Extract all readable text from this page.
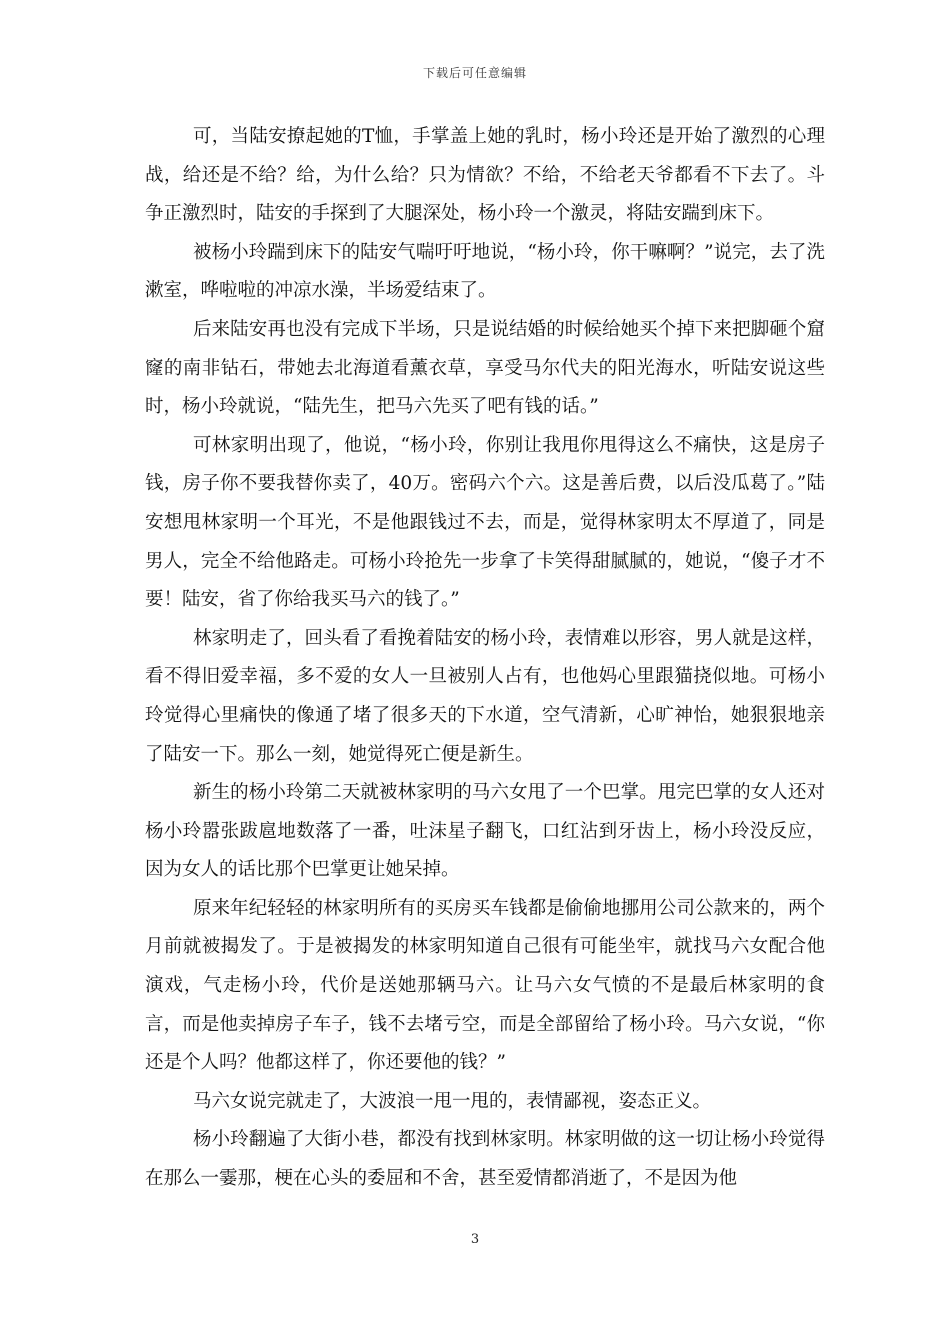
下载后可任意编辑

可，当陆安撩起她的T恤，手掌盖上她的乳时，杨小玲还是开始了激烈的心理战，给还是不给？给，为什么给？只为情欲？不给，不给老天爷都看不下去了。斗争正激烈时，陆安的手探到了大腿深处，杨小玲一个激灵，将陆安踹到床下。

被杨小玲踹到床下的陆安气喘吁吁地说，“杨小玲，你干嘛啊？”说完，去了洗漱室，哗啦啦的冲凉水澡，半场爱结束了。

后来陆安再也没有完成下半场，只是说结婚的时候给她买个掉下来把脚砸个窟窿的南非钻石，带她去北海道看薰衣草，享受马尔代夫的阳光海水，听陆安说这些时，杨小玲就说，“陆先生，把马六先买了吧有钱的话。”

可林家明出现了，他说，“杨小玲，你别让我甩你甩得这么不痛快，这是房子钱，房子你不要我替你卖了，40万。密码六个六。这是善后费，以后没瓜葛了。”陆安想甩林家明一个耳光，不是他跟钱过不去，而是，觉得林家明太不厚道了，同是男人，完全不给他路走。可杨小玲抢先一步拿了卡笑得甜腻腻的，她说，“傻子才不要！陆安，省了你给我买马六的钱了。”

林家明走了，回头看了看挽着陆安的杨小玲，表情难以形容，男人就是这样，看不得旧爱幸福，多不爱的女人一旦被别人占有，也他妈心里跟猫挠似地。可杨小玲觉得心里痛快的像通了堵了很多天的下水道，空气清新，心旷神怡，她狠狠地亲了陆安一下。那么一刻，她觉得死亡便是新生。

新生的杨小玲第二天就被林家明的马六女甩了一个巴掌。甩完巴掌的女人还对杨小玲嚣张跋扈地数落了一番，吐沫星子翻飞，口红沾到牙齿上，杨小玲没反应，因为女人的话比那个巴掌更让她呆掉。

原来年纪轻轻的林家明所有的买房买车钱都是偷偷地挪用公司公款来的，两个月前就被揭发了。于是被揭发的林家明知道自己很有可能坐牢，就找马六女配合他演戏，气走杨小玲，代价是送她那辆马六。让马六女气愤的不是最后林家明的食言，而是他卖掉房子车子，钱不去堵亏空，而是全部留给了杨小玲。马六女说，“你还是个人吗？他都这样了，你还要他的钱？”

马六女说完就走了，大波浪一甩一甩的，表情鄙视，姿态正义。

杨小玲翻遍了大街小巷，都没有找到林家明。林家明做的这一切让杨小玲觉得在那么一霎那，梗在心头的委屈和不舍，甚至爱情都消逝了，不是因为他

3
